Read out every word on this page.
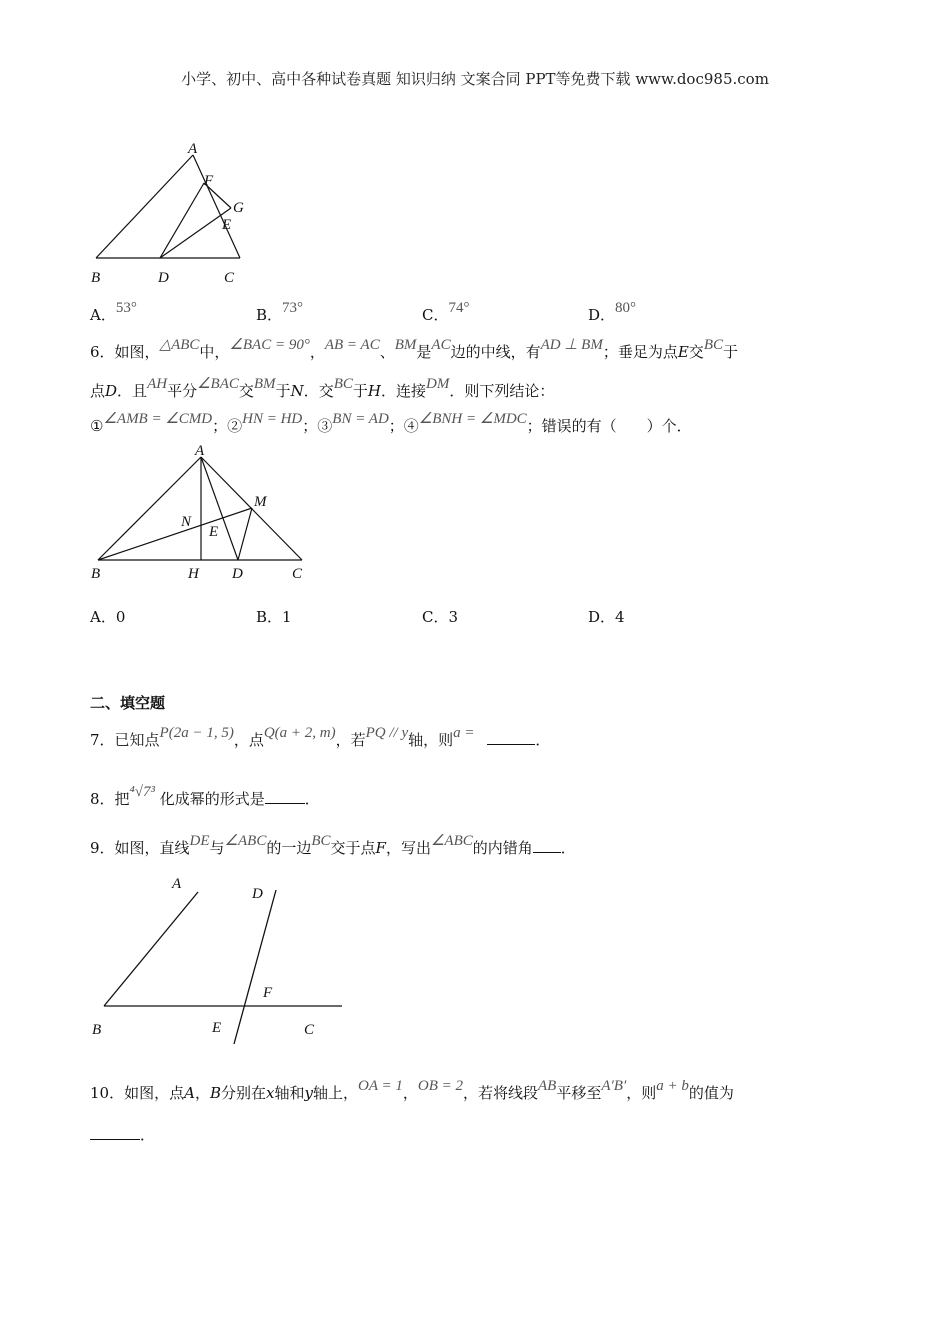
小学、初中、高中各种试卷真题 知识归纳 文案合同 PPT等免费下载 www.doc985.com
A
F
G
E
B	D	C
A．53°	B．73°	C．74°	D．80°
6．如图，△ABC中，∠BAC = 90°，AB = AC、BM是AC边的中线，有AD ⊥ BM；垂足为点E交BC于
点D．且AH平分∠BAC交BM于N．交BC于H．连接DM．则下列结论：
①∠AMB = ∠CMD；②HN = HD；③BN = AD；④∠BNH = ∠MDC；错误的有（　　）个．
A
M
N
E
B	H D	C
A．0	B．1	C．3	D．4
二、填空题
7．已知点P(2a − 1, 5)，点Q(a + 2, m)，若PQ // y轴，则a =	．
8．把⁴√7³ 化成幂的形式是	．
9．如图，直线DE与∠ABC的一边BC交于点F，写出∠ABC的内错角 ．
A
D
F
B	E	C
10．如图，点A，B分别在x轴和y轴上，OA = 1，OB = 2，若将线段AB平移至A′B′，则a + b的值为
．
